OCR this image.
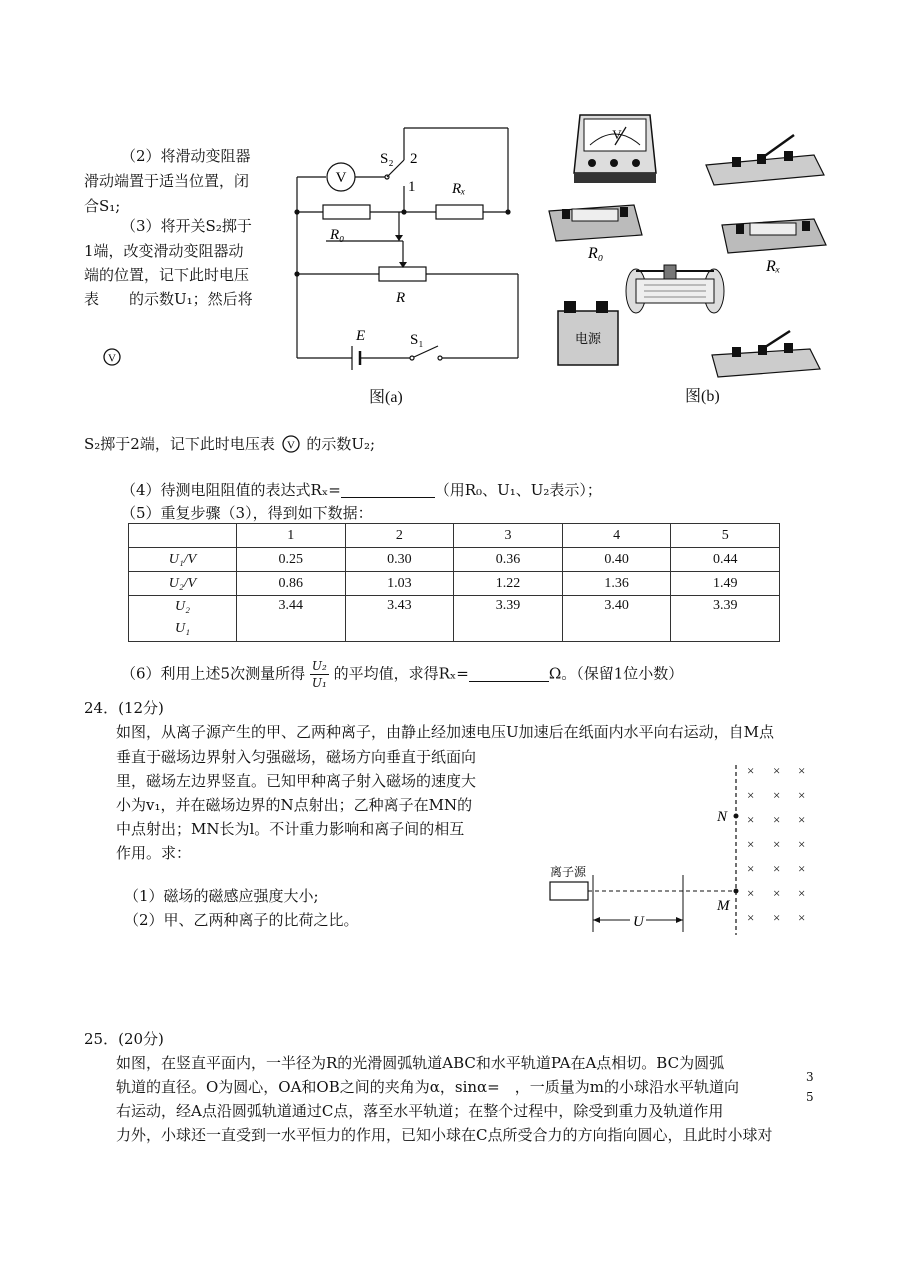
（2）将滑动变阻器
滑动端置于适当位置，闭
合S₁;
（3）将开关S₂掷于
1端，改变滑动变阻器动
端的位置，记下此时电压
表　　的示数U₁；然后将
V
V
S₂ 2
1 Rₓ
R₀
R
E	S₁
图(a)
V
R₀
Rₓ
电源
图(b)
S₂掷于2端，记下此时电压表 V 的示数U₂;
（4）待测电阻阻值的表达式Rₓ=	（用R₀、U₁、U₂表示）；
（5）重复步骤（3），得到如下数据：
	1	2	3	4	5
U₁/V	0.25	0.30	0.36	0.40	0.44
U₂/V	0.86	1.03	1.22	1.36	1.49

U₂
U₁	3.44	3.43	3.39	3.40	3.39
（6）利用上述5次测量所得 $\frac{\text{U₂}}{\text{U₁}}$ 的平均值，求得Rₓ=	Ω。（保留1位小数）
24．(12分)
如图，从离子源产生的甲、乙两种离子，由静止经加速电压U加速后在纸面内水平向右运动，自M点
垂直于磁场边界射入匀强磁场，磁场方向垂直于纸面向
里，磁场左边界竖直。已知甲种离子射入磁场的速度大
小为v₁，并在磁场边界的N点射出；乙种离子在MN的
中点射出；MN长为l。不计重力影响和离子间的相互
作用。求：
（1）磁场的磁感应强度大小;
（2）甲、乙两种离子的比荷之比。
× × ×
× × ×
× × ×
× × ×
× × ×
× × ×
× × ×
离子源
U
N
M
25．(20分)
如图，在竖直平面内，一半径为R的光滑圆弧轨道ABC和水平轨道PA在A点相切。BC为圆弧
轨道的直径。O为圆心，OA和OB之间的夹角为α，sinα=　，一质量为m的小球沿水平轨道向
右运动，经A点沿圆弧轨道通过C点，落至水平轨道；在整个过程中，除受到重力及轨道作用
力外，小球还一直受到一水平恒力的作用，已知小球在C点所受合力的方向指向圆心，且此时小球对
3
5
